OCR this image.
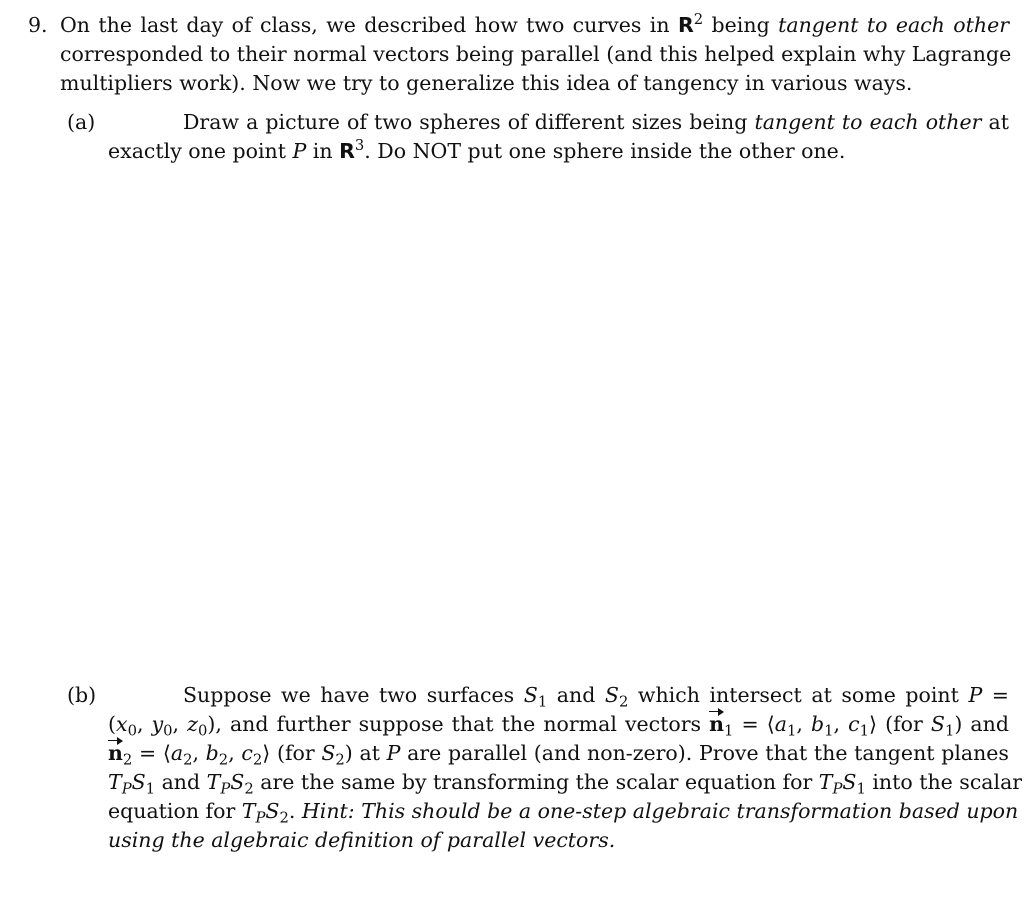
9. On the last day of class, we described how two curves in $R^2$ being tangent to each other
corresponded to their normal vectors being parallel (and this helped explain why Lagrange
multipliers work). Now we try to generalize this idea of tangency in various ways.
(a)	Draw a picture of two spheres of different sizes being tangent to each other at
exactly one point P in $R^3$. Do NOT put one sphere inside the other one.
(b)	Suppose we have two surfaces $S_1$ and $S_2$ which intersect at some point P =
($x_0$, $y_0$, $z_0$), and further suppose that the normal vectors $n_1$ = $⟨a_1$, $b_1$, $c_1⟩$ (for $S_1$) and
$n_2$ = $⟨a_2$, $b_2$, $c_2⟩$ (for $S_2$) at P are parallel (and non-zero). Prove that the tangent planes
$T_PS_1$ and $T_PS_2$ are the same by transforming the scalar equation for $T_PS_1$ into the scalar
equation for $T_PS_2$. Hint: This should be a one-step algebraic transformation based upon
using the algebraic definition of parallel vectors.
